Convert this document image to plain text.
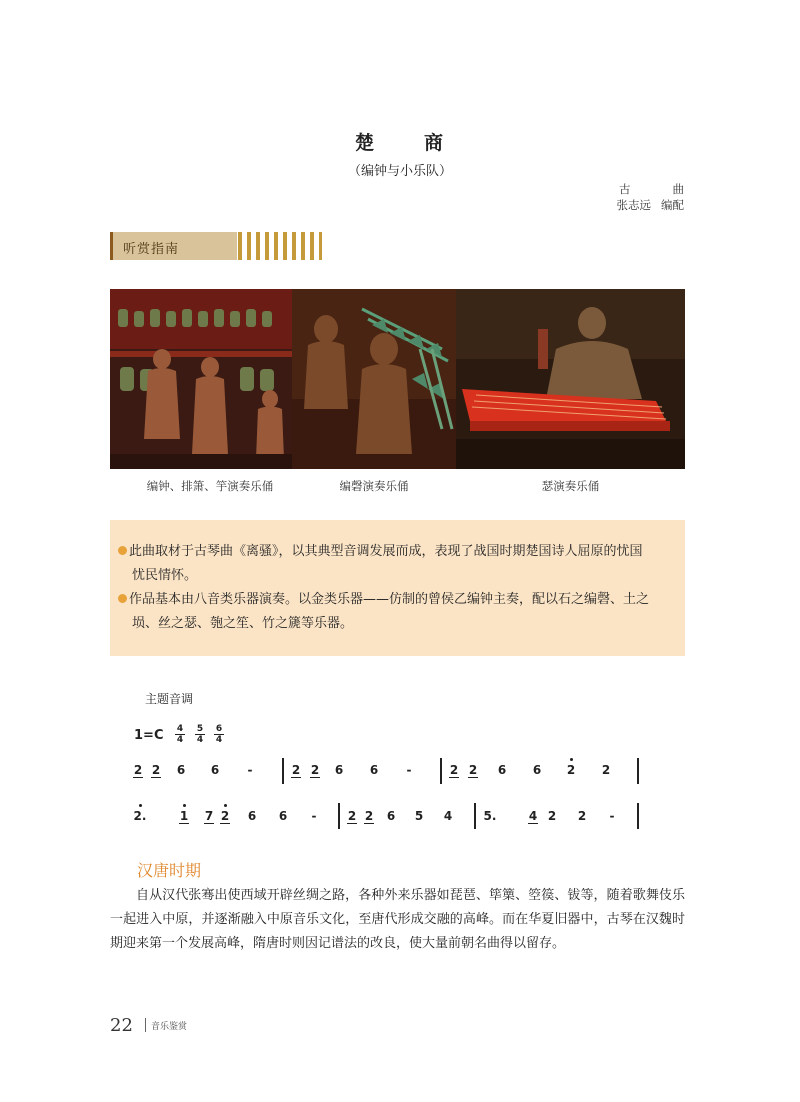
楚	商
（编钟与小乐队）
古	曲
张志远 编配
听赏指南
编钟、排箫、竽演奏乐俑	编磬演奏乐俑	瑟演奏乐俑

此曲取材于古琴曲《离骚》，以其典型音调发展而成，表现了战国时期楚国诗人屈原的忧国

忧民情怀。

作品基本由八音类乐器演奏。以金类乐器——仿制的曾侯乙编钟主奏，配以石之编磬、土之

埙、丝之瑟、匏之笙、竹之篪等乐器。

主题音调
1=C 4
4
5
4
6
4
2 2 6 6 -	2 2 6 6 -	2 2 6 6 2 2
2.	1 7 2 6 6 -	2 2 6 5 4	5.	4 2 2 -
汉唐时期

自从汉代张骞出使西域开辟丝绸之路，各种外来乐器如琵琶、筚篥、箜篌、钹等，随着歌舞伎乐一起进入中原，并逐渐融入中原音乐文化，至唐代形成交融的高峰。而在华夏旧器中，古琴在汉魏时期迎来第一个发展高峰，隋唐时则因记谱法的改良，使大量前朝名曲得以留存。

22 音乐鉴赏
